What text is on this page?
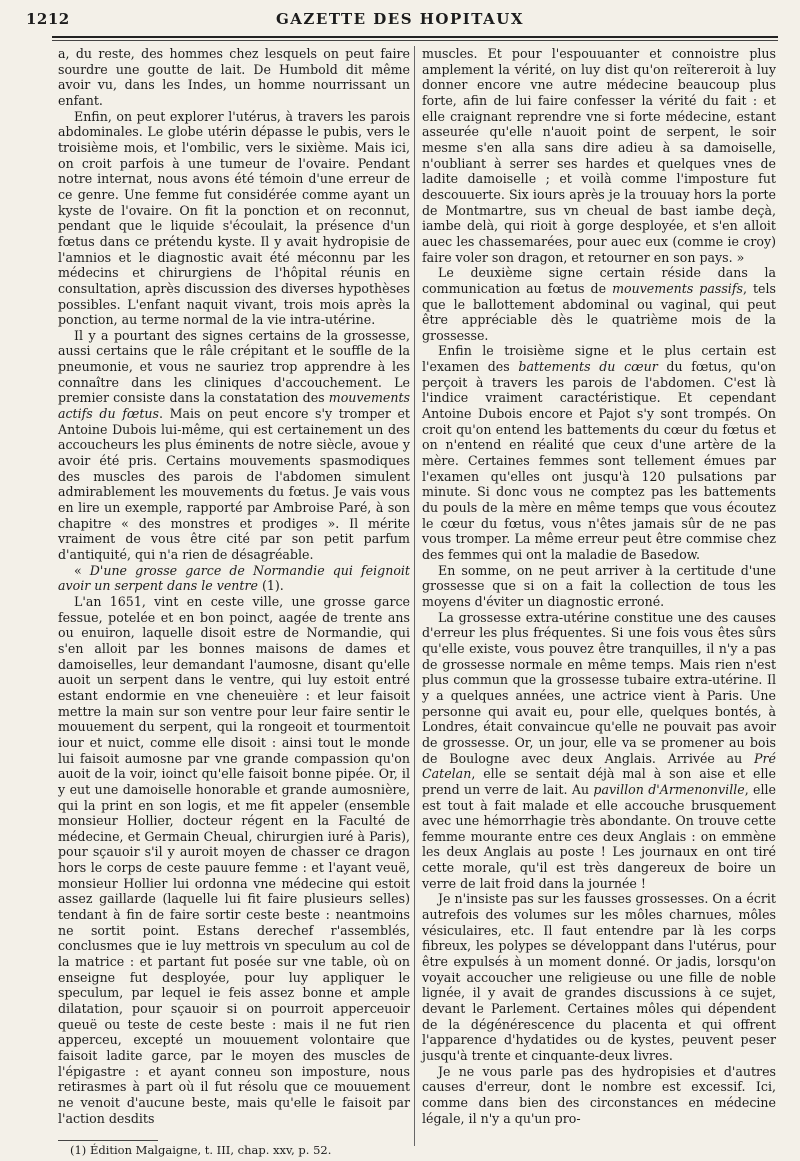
1212	GAZETTE DES HOPITAUX

a, du reste, des hommes chez lesquels on peut faire sourdre une goutte de lait. De Humbold dit même avoir vu, dans les Indes, un homme nourrissant un enfant.

Enfin, on peut explorer l'utérus, à travers les parois abdominales. Le globe utérin dépasse le pubis, vers le troisième mois, et l'ombilic, vers le sixième. Mais ici, on croit parfois à une tumeur de l'ovaire. Pendant notre internat, nous avons été témoin d'une erreur de ce genre. Une femme fut considérée comme ayant un kyste de l'ovaire. On fit la ponction et on reconnut, pendant que le liquide s'écoulait, la présence d'un fœtus dans ce prétendu kyste. Il y avait hydropisie de l'amnios et le diagnostic avait été méconnu par les médecins et chirurgiens de l'hôpital réunis en consultation, après discussion des diverses hypothèses possibles. L'enfant naquit vivant, trois mois après la ponction, au terme normal de la vie intra-utérine.

Il y a pourtant des signes certains de la grossesse, aussi certains que le râle crépitant et le souffle de la pneumonie, et vous ne sauriez trop apprendre à les connaître dans les cliniques d'accouchement. Le premier consiste dans la constatation des mouvements actifs du fœtus. Mais on peut encore s'y tromper et Antoine Dubois lui-même, qui est certainement un des accoucheurs les plus éminents de notre siècle, avoue y avoir été pris. Certains mouvements spasmodiques des muscles des parois de l'abdomen simulent admirablement les mouvements du fœtus. Je vais vous en lire un exemple, rapporté par Ambroise Paré, à son chapitre « des monstres et prodiges ». Il mérite vraiment de vous être cité par son petit parfum d'antiquité, qui n'a rien de désagréable.

« D'une grosse garce de Normandie qui feignoit avoir un serpent dans le ventre (1).

L'an 1651, vint en ceste ville, une grosse garce fessue, potelée et en bon poinct, aagée de trente ans ou enuiron, laquelle disoit estre de Normandie, qui s'en alloit par les bonnes maisons de dames et damoiselles, leur demandant l'aumosne, disant qu'elle auoit un serpent dans le ventre, qui luy estoit entré estant endormie en vne cheneuière : et leur faisoit mettre la main sur son ventre pour leur faire sentir le mouuement du serpent, qui la rongeoit et tourmentoit iour et nuict, comme elle disoit : ainsi tout le monde lui faisoit aumosne par vne grande compassion qu'on auoit de la voir, ioinct qu'elle faisoit bonne pipée. Or, il y eut une damoiselle honorable et grande aumosnière, qui la print en son logis, et me fit appeler (ensemble monsieur Hollier, docteur régent en la Faculté de médecine, et Germain Cheual, chirurgien iuré à Paris), pour sçauoir s'il y auroit moyen de chasser ce dragon hors le corps de ceste pauure femme : et l'ayant veuë, monsieur Hollier lui ordonna vne médecine qui estoit assez gaillarde (laquelle lui fit faire plusieurs selles) tendant à fin de faire sortir ceste beste : neantmoins ne sortit point. Estans derechef r'assemblés, conclusmes que ie luy mettrois vn speculum au col de la matrice : et partant fut posée sur vne table, où on enseigne fut desployée, pour luy appliquer le speculum, par lequel ie feis assez bonne et ample dilatation, pour sçauoir si on pourroit apperceuoir queuë ou teste de ceste beste : mais il ne fut rien apperceu, excepté un mouuement volontaire que faisoit ladite garce, par le moyen des muscles de l'épigastre : et ayant conneu son imposture, nous retirasmes à part où il fut résolu que ce mouuement ne venoit d'aucune beste, mais qu'elle le faisoit par l'action desdits

muscles. Et pour l'espouuanter et connoistre plus amplement la vérité, on luy dist qu'on reïtereroit à luy donner encore vne autre médecine beaucoup plus forte, afin de lui faire confesser la vérité du fait : et elle craignant reprendre vne si forte médecine, estant asseurée qu'elle n'auoit point de serpent, le soir mesme s'en alla sans dire adieu à sa damoiselle, n'oubliant à serrer ses hardes et quelques vnes de ladite damoiselle ; et voilà comme l'imposture fut descouuerte. Six iours après je la trouuay hors la porte de Montmartre, sus vn cheual de bast iambe deçà, iambe delà, qui rioit à gorge desployée, et s'en alloit auec les chassemarées, pour auec eux (comme ie croy) faire voler son dragon, et retourner en son pays. »

Le deuxième signe certain réside dans la communication au fœtus de mouvements passifs, tels que le ballottement abdominal ou vaginal, qui peut être appréciable dès le quatrième mois de la grossesse.

Enfin le troisième signe et le plus certain est l'examen des battements du cœur du fœtus, qu'on perçoit à travers les parois de l'abdomen. C'est là l'indice vraiment caractéristique. Et cependant Antoine Dubois encore et Pajot s'y sont trompés. On croit qu'on entend les battements du cœur du fœtus et on n'entend en réalité que ceux d'une artère de la mère. Certaines femmes sont tellement émues par l'examen qu'elles ont jusqu'à 120 pulsations par minute. Si donc vous ne comptez pas les battements du pouls de la mère en même temps que vous écoutez le cœur du fœtus, vous n'êtes jamais sûr de ne pas vous tromper. La même erreur peut être commise chez des femmes qui ont la maladie de Basedow.

En somme, on ne peut arriver à la certitude d'une grossesse que si on a fait la collection de tous les moyens d'éviter un diagnostic erroné.

La grossesse extra-utérine constitue une des causes d'erreur les plus fréquentes. Si une fois vous êtes sûrs qu'elle existe, vous pouvez être tranquilles, il n'y a pas de grossesse normale en même temps. Mais rien n'est plus commun que la grossesse tubaire extra-utérine. Il y a quelques années, une actrice vient à Paris. Une personne qui avait eu, pour elle, quelques bontés, à Londres, était convaincue qu'elle ne pouvait pas avoir de grossesse. Or, un jour, elle va se promener au bois de Boulogne avec deux Anglais. Arrivée au Pré Catelan, elle se sentait déjà mal à son aise et elle prend un verre de lait. Au pavillon d'Armenonville, elle est tout à fait malade et elle accouche brusquement avec une hémorrhagie très abondante. On trouve cette femme mourante entre ces deux Anglais : on emmène les deux Anglais au poste ! Les journaux en ont tiré cette morale, qu'il est très dangereux de boire un verre de lait froid dans la journée !

Je n'insiste pas sur les fausses grossesses. On a écrit autrefois des volumes sur les môles charnues, môles vésiculaires, etc. Il faut entendre par là les corps fibreux, les polypes se développant dans l'utérus, pour être expulsés à un moment donné. Or jadis, lorsqu'on voyait accoucher une religieuse ou une fille de noble lignée, il y avait de grandes discussions à ce sujet, devant le Parlement. Certaines môles qui dépendent de la dégénérescence du placenta et qui offrent l'apparence d'hydatides ou de kystes, peuvent peser jusqu'à trente et cinquante-deux livres.

Je ne vous parle pas des hydropisies et d'autres causes d'erreur, dont le nombre est excessif. Ici, comme dans bien des circonstances en médecine légale, il n'y a qu'un pro-

(1) Édition Malgaigne, t. III, chap. xxv, p. 52.
